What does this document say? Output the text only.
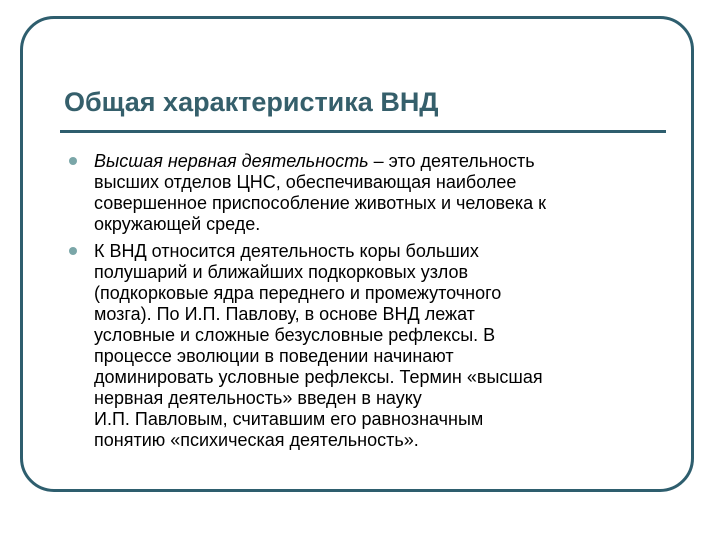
Общая характеристика ВНД
Высшая нервная деятельность – это деятельность
высших отделов ЦНС, обеспечивающая наиболее
совершенное приспособление животных и человека к
окружающей среде.
К ВНД относится деятельность коры больших
полушарий и ближайших подкорковых узлов
(подкорковые ядра переднего и промежуточного
мозга). По И.П. Павлову, в основе ВНД лежат
условные и сложные безусловные рефлексы. В
процессе эволюции в поведении начинают
доминировать условные рефлексы. Термин «высшая
нервная деятельность» введен в науку
И.П. Павловым, считавшим его равнозначным
понятию «психическая деятельность».
